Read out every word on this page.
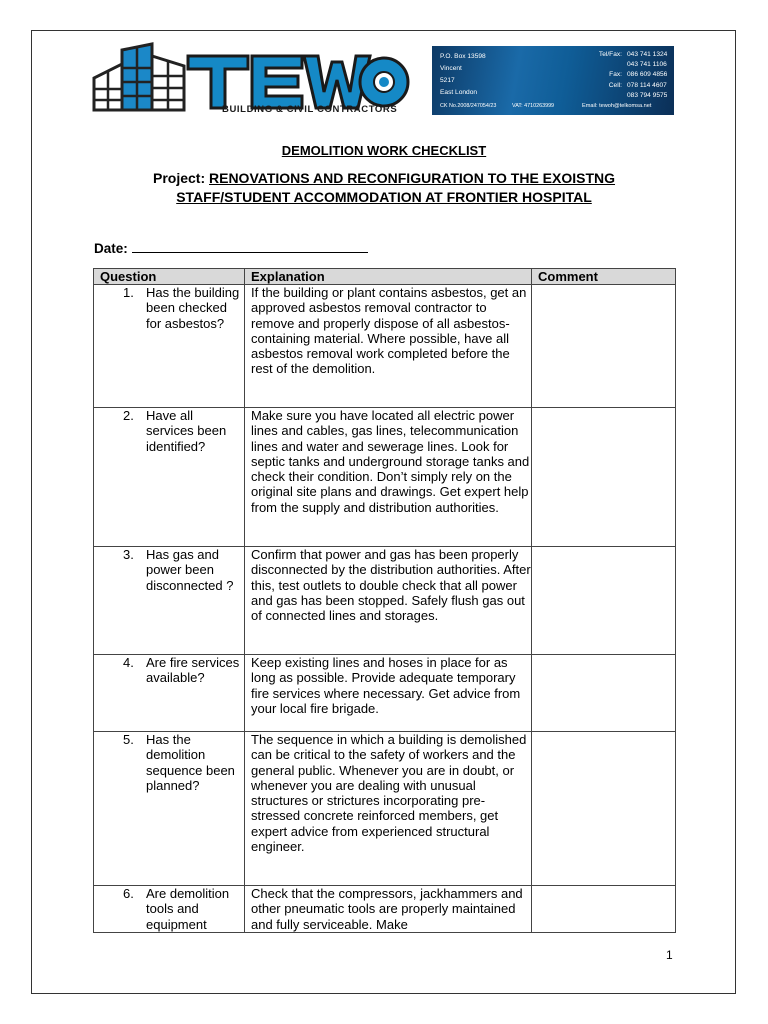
BUILDING & CIVIL CONTRACTORS
P.O. Box 13598
Vincent
5217
East London
CK No.2008/247054/23	VAT: 4710263999
Tel/Fax: 043 741 1324
043 741 1106
Fax: 086 609 4856
Cell: 078 114 4607
083 794 9575
Email: tewoh@telkomsa.net
DEMOLITION WORK CHECKLIST
Project: RENOVATIONS AND RECONFIGURATION TO THE EXOISTNG
STAFF/STUDENT ACCOMMODATION AT FRONTIER HOSPITAL
Date:
Question	Explanation	Comment

1. Has the building been checked for asbestos?	If the building or plant contains asbestos, get an approved asbestos removal contractor to remove and properly dispose of all asbestos-containing material. Where possible, have all asbestos removal work completed before the rest of the demolition.	

2. Have all services been identified?	Make sure you have located all electric power lines and cables, gas lines, telecommunication lines and water and sewerage lines. Look for septic tanks and underground storage tanks and check their condition. Don’t simply rely on the original site plans and drawings. Get expert help from the supply and distribution authorities.	

3. Has gas and power been disconnected ?	Confirm that power and gas has been properly disconnected by the distribution authorities. After this, test outlets to double check that all power and gas has been stopped. Safely flush gas out of connected lines and storages.	

4. Are fire services available?	Keep existing lines and hoses in place for as long as possible. Provide adequate temporary fire services where necessary. Get advice from your local fire brigade.	

5. Has the demolition sequence been planned?	The sequence in which a building is demolished can be critical to the safety of workers and the general public. Whenever you are in doubt, or whenever you are dealing with unusual structures or strictures incorporating pre-stressed concrete reinforced members, get expert advice from experienced structural engineer.	

6. Are demolition tools and equipment	Check that the compressors, jackhammers and other pneumatic tools are properly maintained and fully serviceable. Make	
1
